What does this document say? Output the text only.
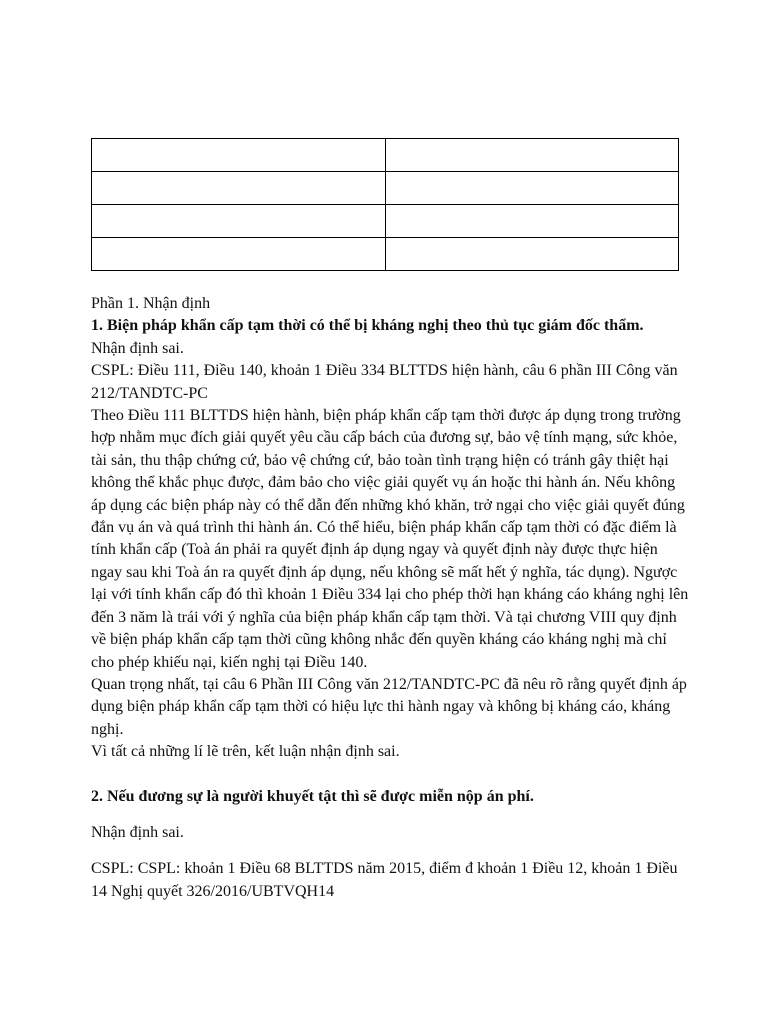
Phần 1. Nhận định

1. Biện pháp khẩn cấp tạm thời có thể bị kháng nghị theo thủ tục giám đốc thẩm.

Nhận định sai.

CSPL: Điều 111, Điều 140, khoản 1 Điều 334 BLTTDS hiện hành, câu 6 phần III Công văn 212/TANDTC-PC

Theo Điều 111 BLTTDS hiện hành, biện pháp khẩn cấp tạm thời được áp dụng trong trường hợp nhằm mục đích giải quyết yêu cầu cấp bách của đương sự, bảo vệ tính mạng, sức khỏe, tài sản, thu thập chứng cứ, bảo vệ chứng cứ, bảo toàn tình trạng hiện có tránh gây thiệt hại không thể khắc phục được, đảm bảo cho việc giải quyết vụ án hoặc thi hành án. Nếu không áp dụng các biện pháp này có thể dẫn đến những khó khăn, trở ngại cho việc giải quyết đúng đắn vụ án và quá trình thi hành án. Có thể hiểu, biện pháp khẩn cấp tạm thời có đặc điểm là tính khẩn cấp (Toà án phải ra quyết định áp dụng ngay và quyết định này được thực hiện ngay sau khi Toà án ra quyết định áp dụng, nếu không sẽ mất hết ý nghĩa, tác dụng). Ngược lại với tính khẩn cấp đó thì khoản 1 Điều 334 lại cho phép thời hạn kháng cáo kháng nghị lên đến 3 năm là trái với ý nghĩa của biện pháp khẩn cấp tạm thời. Và tại chương VIII quy định về biện pháp khẩn cấp tạm thời cũng không nhắc đến quyền kháng cáo kháng nghị mà chỉ cho phép khiếu nại, kiến nghị tại Điều 140.

Quan trọng nhất, tại câu 6 Phần III Công văn 212/TANDTC-PC đã nêu rõ rằng quyết định áp dụng biện pháp khẩn cấp tạm thời có hiệu lực thi hành ngay và không bị kháng cáo, kháng nghị.

Vì tất cả những lí lẽ trên, kết luận nhận định sai.

2. Nếu đương sự là người khuyết tật thì sẽ được miễn nộp án phí.

Nhận định sai.

CSPL: CSPL: khoản 1 Điều 68 BLTTDS năm 2015, điểm đ khoản 1 Điều 12, khoản 1 Điều 14 Nghị quyết 326/2016/UBTVQH14
